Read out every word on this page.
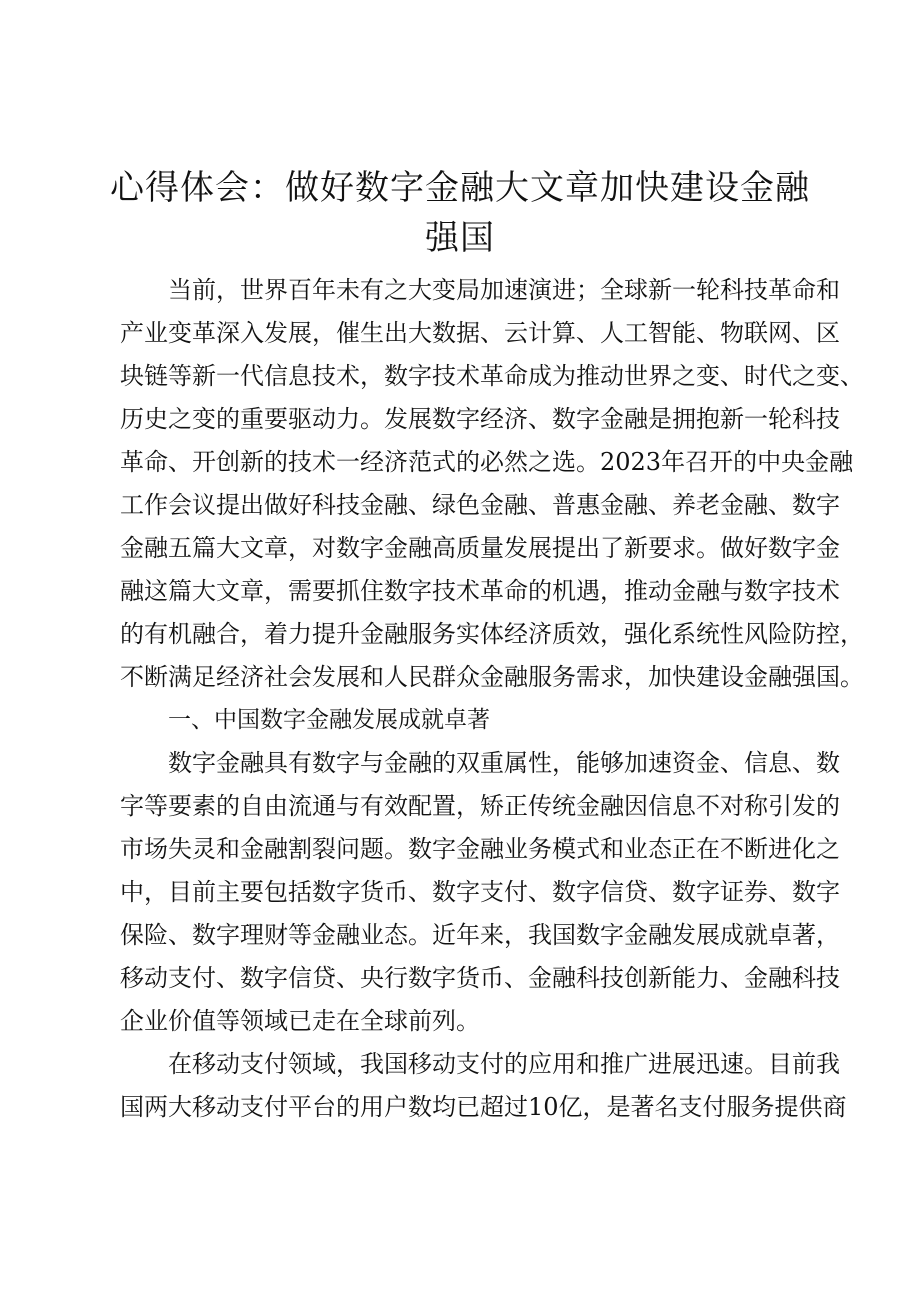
心得体会：做好数字金融大文章加快建设金融
强国
当前，世界百年未有之大变局加速演进；全球新一轮科技革命和
产业变革深入发展，催生出大数据、云计算、人工智能、物联网、区
块链等新一代信息技术，数字技术革命成为推动世界之变、时代之变、
历史之变的重要驱动力。发展数字经济、数字金融是拥抱新一轮科技
革命、开创新的技术一经济范式的必然之选。2023年召开的中央金融
工作会议提出做好科技金融、绿色金融、普惠金融、养老金融、数字
金融五篇大文章，对数字金融高质量发展提出了新要求。做好数字金
融这篇大文章，需要抓住数字技术革命的机遇，推动金融与数字技术
的有机融合，着力提升金融服务实体经济质效，强化系统性风险防控，
不断满足经济社会发展和人民群众金融服务需求，加快建设金融强国。
一、中国数字金融发展成就卓著
数字金融具有数字与金融的双重属性，能够加速资金、信息、数
字等要素的自由流通与有效配置，矫正传统金融因信息不对称引发的
市场失灵和金融割裂问题。数字金融业务模式和业态正在不断进化之
中，目前主要包括数字货币、数字支付、数字信贷、数字证券、数字
保险、数字理财等金融业态。近年来，我国数字金融发展成就卓著，
移动支付、数字信贷、央行数字货币、金融科技创新能力、金融科技
企业价值等领域已走在全球前列。
在移动支付领域，我国移动支付的应用和推广进展迅速。目前我
国两大移动支付平台的用户数均已超过10亿，是著名支付服务提供商
